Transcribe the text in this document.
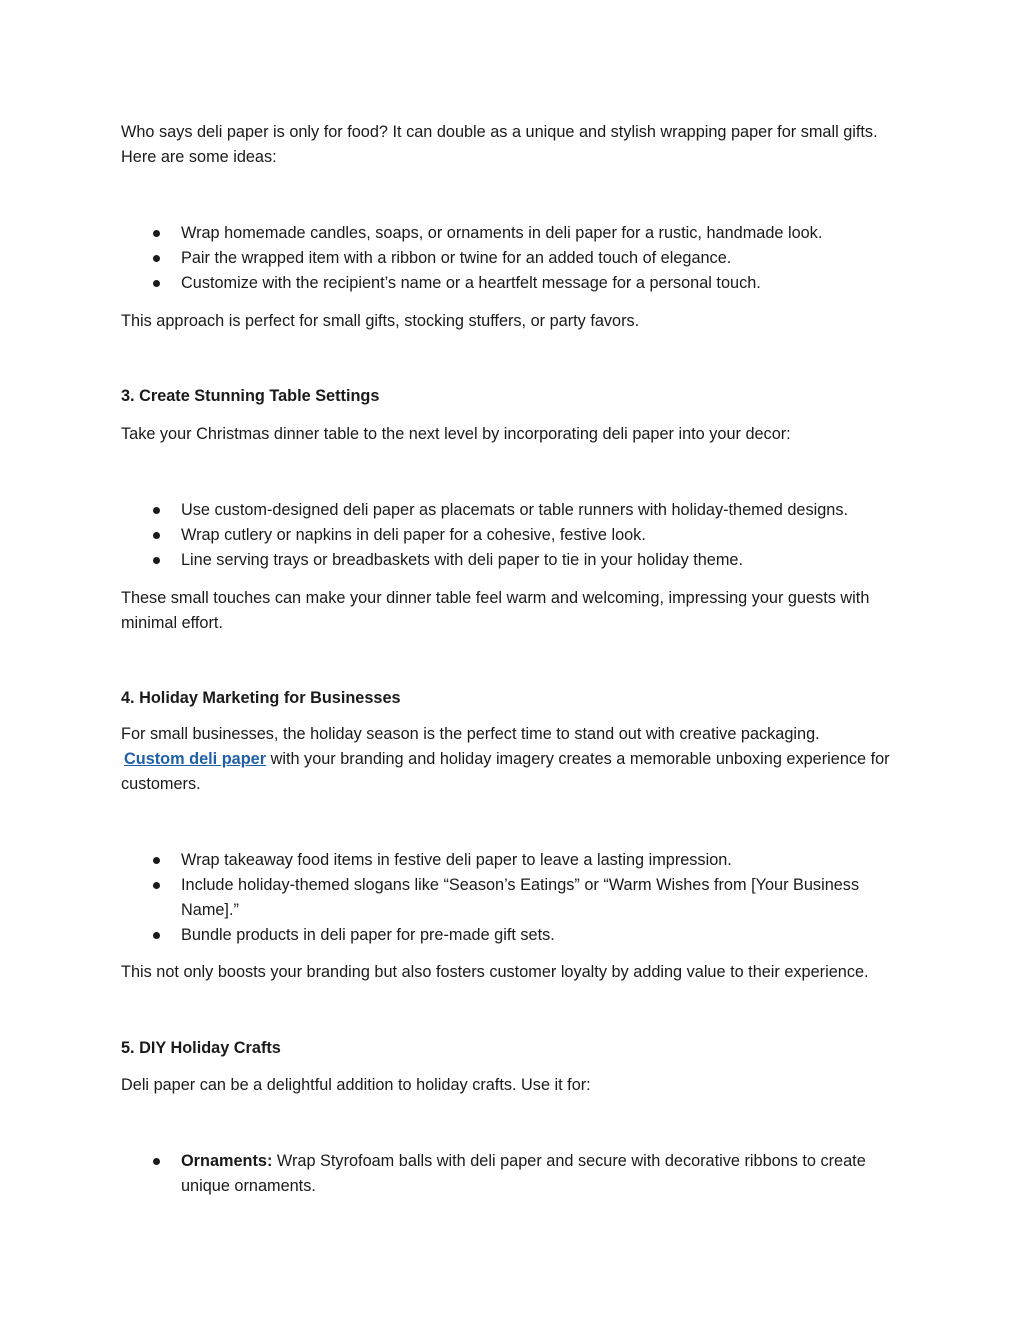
Who says deli paper is only for food? It can double as a unique and stylish wrapping paper for small gifts. Here are some ideas:

Wrap homemade candles, soaps, or ornaments in deli paper for a rustic, handmade look.
Pair the wrapped item with a ribbon or twine for an added touch of elegance.
Customize with the recipient’s name or a heartfelt message for a personal touch.

This approach is perfect for small gifts, stocking stuffers, or party favors.

3. Create Stunning Table Settings

Take your Christmas dinner table to the next level by incorporating deli paper into your decor:

Use custom-designed deli paper as placemats or table runners with holiday-themed designs.
Wrap cutlery or napkins in deli paper for a cohesive, festive look.
Line serving trays or breadbaskets with deli paper to tie in your holiday theme.

These small touches can make your dinner table feel warm and welcoming, impressing your guests with minimal effort.

4. Holiday Marketing for Businesses

For small businesses, the holiday season is the perfect time to stand out with creative packaging.
Custom deli paper with your branding and holiday imagery creates a memorable unboxing experience for customers.

Wrap takeaway food items in festive deli paper to leave a lasting impression.
Include holiday-themed slogans like “Season’s Eatings” or “Warm Wishes from [Your Business Name].”
Bundle products in deli paper for pre-made gift sets.

This not only boosts your branding but also fosters customer loyalty by adding value to their experience.

5. DIY Holiday Crafts

Deli paper can be a delightful addition to holiday crafts. Use it for:

Ornaments: Wrap Styrofoam balls with deli paper and secure with decorative ribbons to create unique ornaments.
